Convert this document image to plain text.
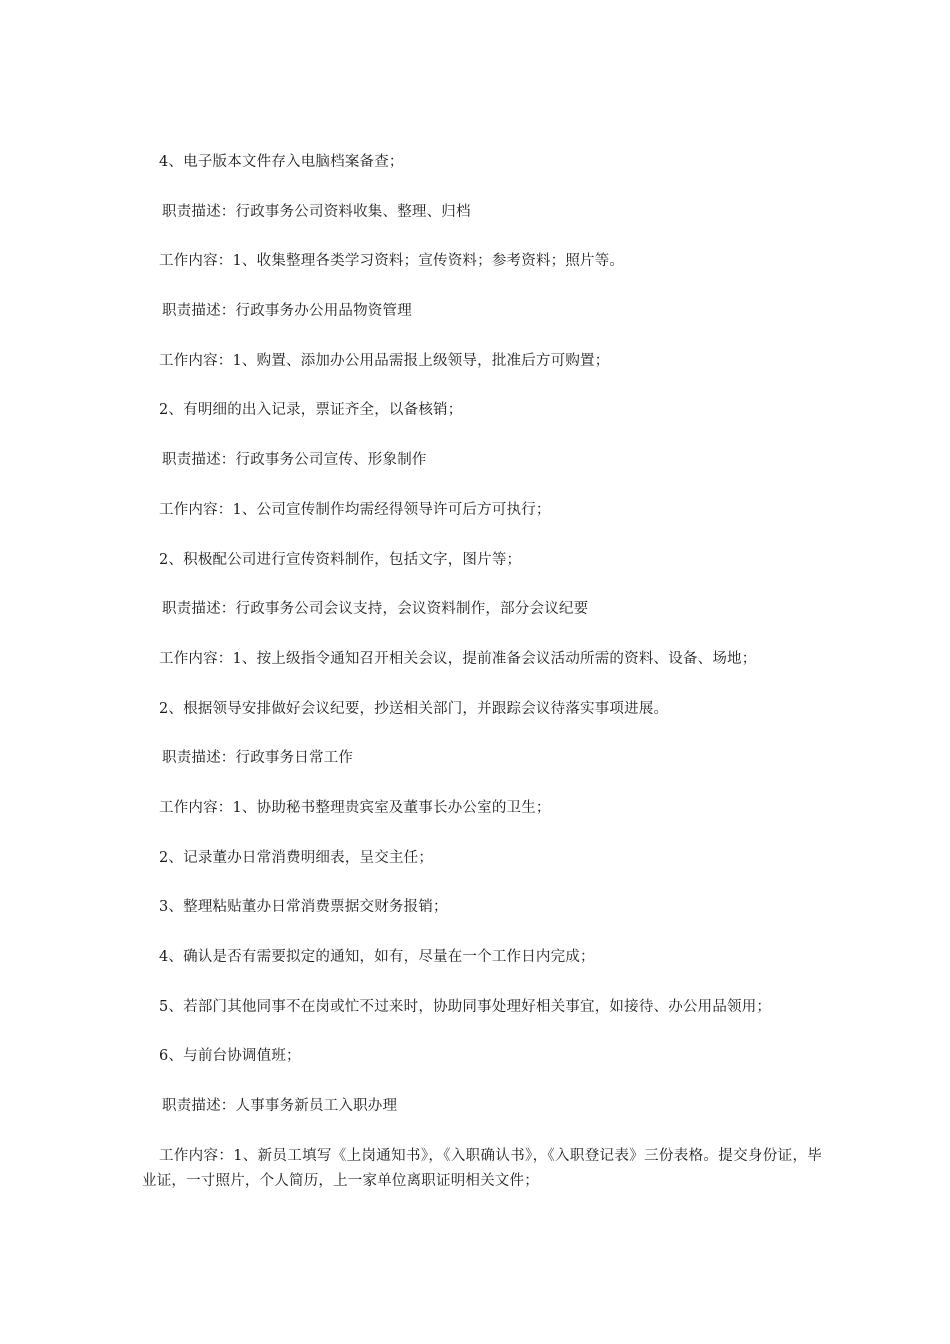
4、电子版本文件存入电脑档案备查；

职责描述：行政事务公司资料收集、整理、归档

工作内容：1、收集整理各类学习资料；宣传资料；参考资料；照片等。

职责描述：行政事务办公用品物资管理

工作内容：1、购置、添加办公用品需报上级领导，批准后方可购置；

2、有明细的出入记录，票证齐全，以备核销；

职责描述：行政事务公司宣传、形象制作

工作内容：1、公司宣传制作均需经得领导许可后方可执行；

2、积极配公司进行宣传资料制作，包括文字，图片等；

职责描述：行政事务公司会议支持，会议资料制作，部分会议纪要

工作内容：1、按上级指令通知召开相关会议，提前准备会议活动所需的资料、设备、场地；

2、根据领导安排做好会议纪要，抄送相关部门，并跟踪会议待落实事项进展。

职责描述：行政事务日常工作

工作内容：1、协助秘书整理贵宾室及董事长办公室的卫生；

2、记录董办日常消费明细表，呈交主任；

3、整理粘贴董办日常消费票据交财务报销；

4、确认是否有需要拟定的通知，如有，尽量在一个工作日内完成；

5、若部门其他同事不在岗或忙不过来时，协助同事处理好相关事宜，如接待、办公用品领用；

6、与前台协调值班；

职责描述：人事事务新员工入职办理

工作内容：1、新员工填写《上岗通知书》，《入职确认书》，《入职登记表》三份表格。提交身份证，毕业证，一寸照片，个人简历，上一家单位离职证明相关文件；
